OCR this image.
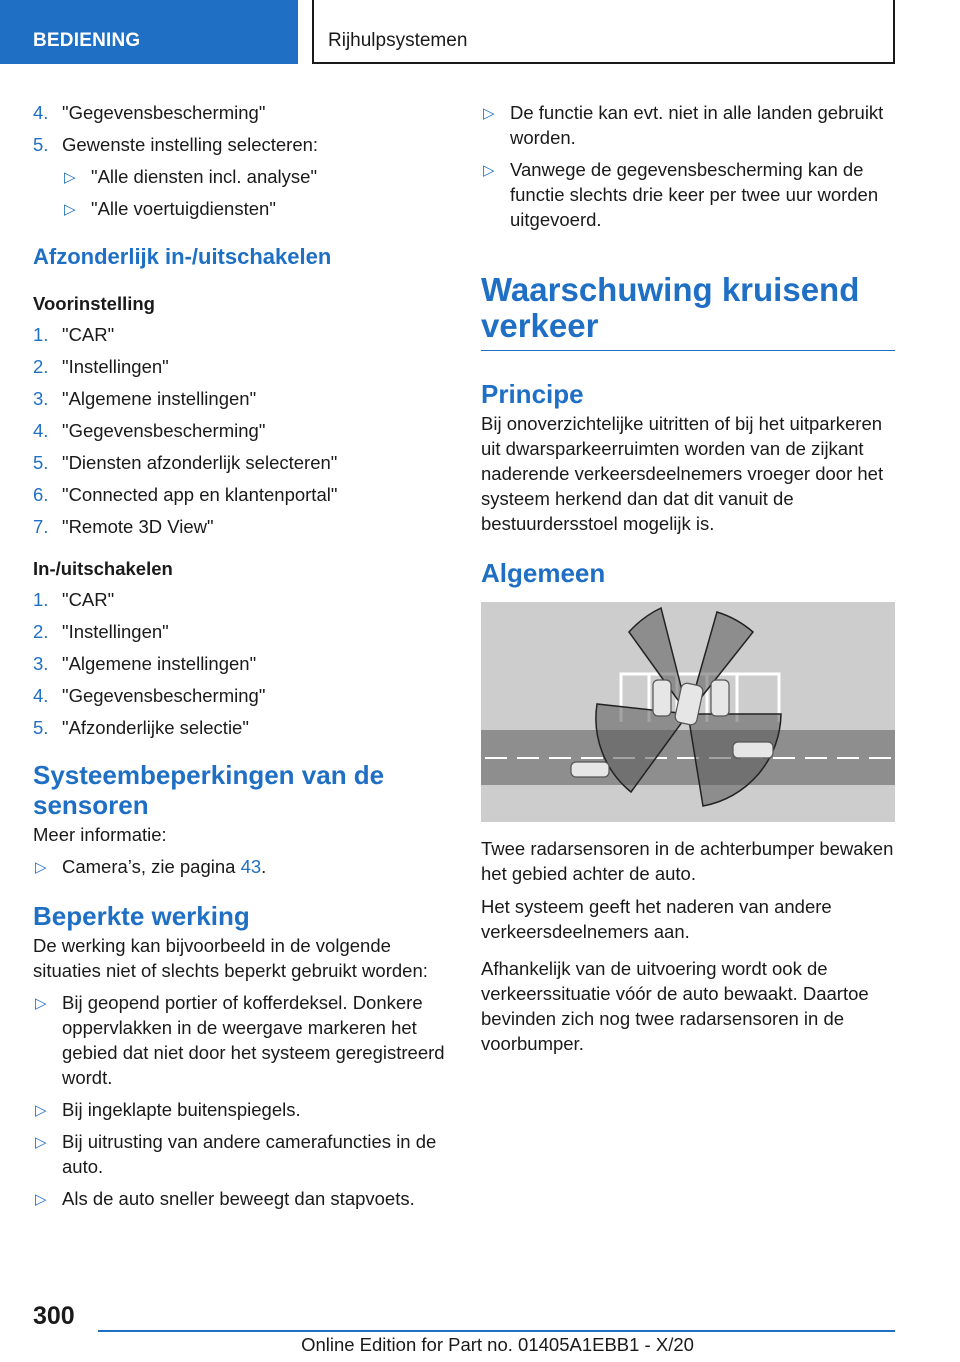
BEDIENING	Rijhulpsystemen
4. "Gegevensbescherming"
5. Gewenste instelling selecteren:
▷ "Alle diensten incl. analyse"
▷ "Alle voertuigdiensten"
Afzonderlijk in-/uitschakelen
Voorinstelling
1. "CAR"
2. "Instellingen"
3. "Algemene instellingen"
4. "Gegevensbescherming"
5. "Diensten afzonderlijk selecteren"
6. "Connected app en klantenportal"
7. "Remote 3D View"
In-/uitschakelen
1. "CAR"
2. "Instellingen"
3. "Algemene instellingen"
4. "Gegevensbescherming"
5. "Afzonderlijke selectie"
Systeembeperkingen van de sensoren
Meer informatie:
▷ Camera’s, zie pagina 43.
Beperkte werking
De werking kan bijvoorbeeld in de volgende situaties niet of slechts beperkt gebruikt worden:
▷ Bij geopend portier of kofferdeksel. Donkere oppervlakken in de weergave markeren het gebied dat niet door het systeem geregistreerd wordt.
▷ Bij ingeklapte buitenspiegels.
▷ Bij uitrusting van andere camerafuncties in de auto.
▷ Als de auto sneller beweegt dan stapvoets.
▷ De functie kan evt. niet in alle landen gebruikt worden.
▷ Vanwege de gegevensbescherming kan de functie slechts drie keer per twee uur worden uitgevoerd.
Waarschuwing kruisend verkeer
Principe
Bij onoverzichtelijke uitritten of bij het uitparkeren uit dwarsparkeerruimten worden van de zijkant naderende verkeersdeelnemers vroeger door het systeem herkend dan dat dit vanuit de bestuurdersstoel mogelijk is.
Algemeen
Twee radarsensoren in de achterbumper bewaken het gebied achter de auto.
Het systeem geeft het naderen van andere verkeersdeelnemers aan.
Afhankelijk van de uitvoering wordt ook de verkeerssituatie vóór de auto bewaakt. Daartoe bevinden zich nog twee radarsensoren in de voorbumper.
300
Online Edition for Part no. 01405A1EBB1 - X/20
